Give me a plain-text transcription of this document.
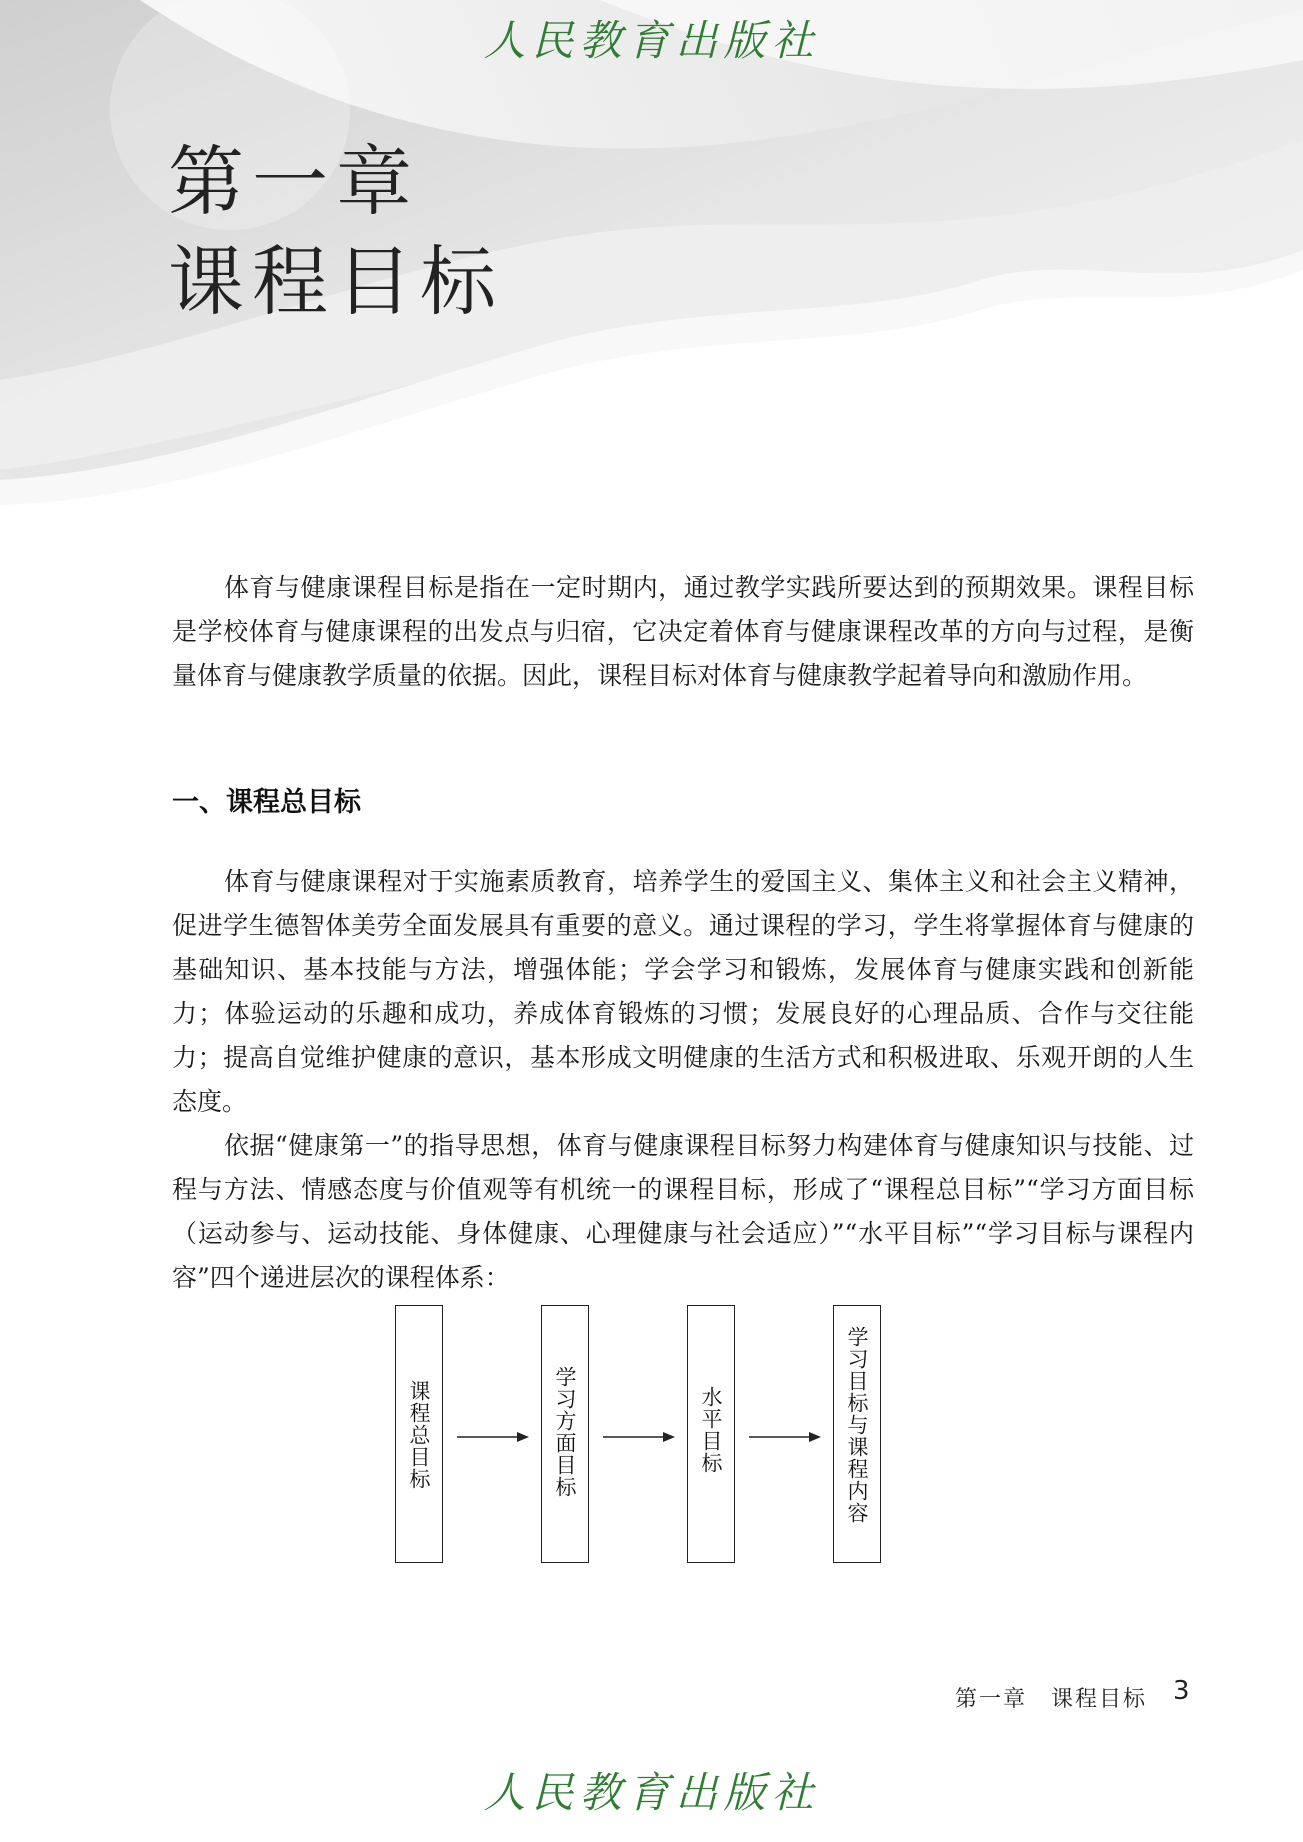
人民教育出版社
第一章
课程目标

体育与健康课程目标是指在一定时期内，通过教学实践所要达到的预期效果。课程目标是学校体育与健康课程的出发点与归宿，它决定着体育与健康课程改革的方向与过程，是衡量体育与健康教学质量的依据。因此，课程目标对体育与健康教学起着导向和激励作用。

一、课程总目标

体育与健康课程对于实施素质教育，培养学生的爱国主义、集体主义和社会主义精神，促进学生德智体美劳全面发展具有重要的意义。通过课程的学习，学生将掌握体育与健康的基础知识、基本技能与方法，增强体能；学会学习和锻炼，发展体育与健康实践和创新能力；体验运动的乐趣和成功，养成体育锻炼的习惯；发展良好的心理品质、合作与交往能力；提高自觉维护健康的意识，基本形成文明健康的生活方式和积极进取、乐观开朗的人生态度。

依据“健康第一”的指导思想，体育与健康课程目标努力构建体育与健康知识与技能、过程与方法、情感态度与价值观等有机统一的课程目标，形成了“课程总目标”“学习方面目标（运动参与、运动技能、身体健康、心理健康与社会适应）”“水平目标”“学习目标与课程内容”四个递进层次的课程体系：

课程总目标	学习方面目标	水平目标	学习目标与课程内容
第一章　课程目标 3
人民教育出版社
